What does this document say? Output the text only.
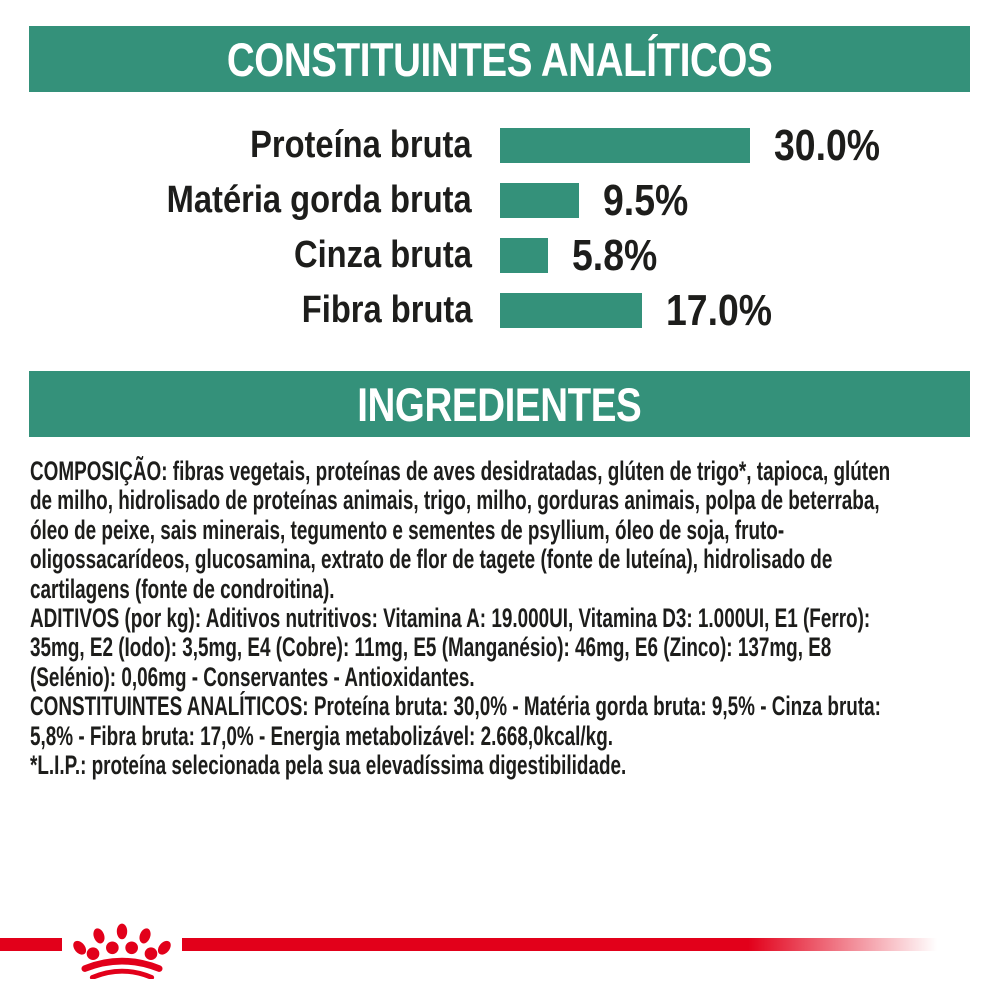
CONSTITUINTES ANALÍTICOS
Proteína bruta	30.0%
Matéria gorda bruta	9.5%
Cinza bruta 5.8%
Fibra bruta	17.0%
INGREDIENTES
COMPOSIÇÃO: fibras vegetais, proteínas de aves desidratadas, glúten de trigo*, tapioca, glúten
de milho, hidrolisado de proteínas animais, trigo, milho, gorduras animais, polpa de beterraba,
óleo de peixe, sais minerais, tegumento e sementes de psyllium, óleo de soja, fruto-
oligossacarídeos, glucosamina, extrato de flor de tagete (fonte de luteína), hidrolisado de
cartilagens (fonte de condroitina).
ADITIVOS (por kg): Aditivos nutritivos: Vitamina A: 19.000UI, Vitamina D3: 1.000UI, E1 (Ferro):
35mg, E2 (Iodo): 3,5mg, E4 (Cobre): 11mg, E5 (Manganésio): 46mg, E6 (Zinco): 137mg, E8
(Selénio): 0,06mg - Conservantes - Antioxidantes.
CONSTITUINTES ANALÍTICOS: Proteína bruta: 30,0% - Matéria gorda bruta: 9,5% - Cinza bruta:
5,8% - Fibra bruta: 17,0% - Energia metabolizável: 2.668,0kcal/kg.
*L.I.P.: proteína selecionada pela sua elevadíssima digestibilidade.
